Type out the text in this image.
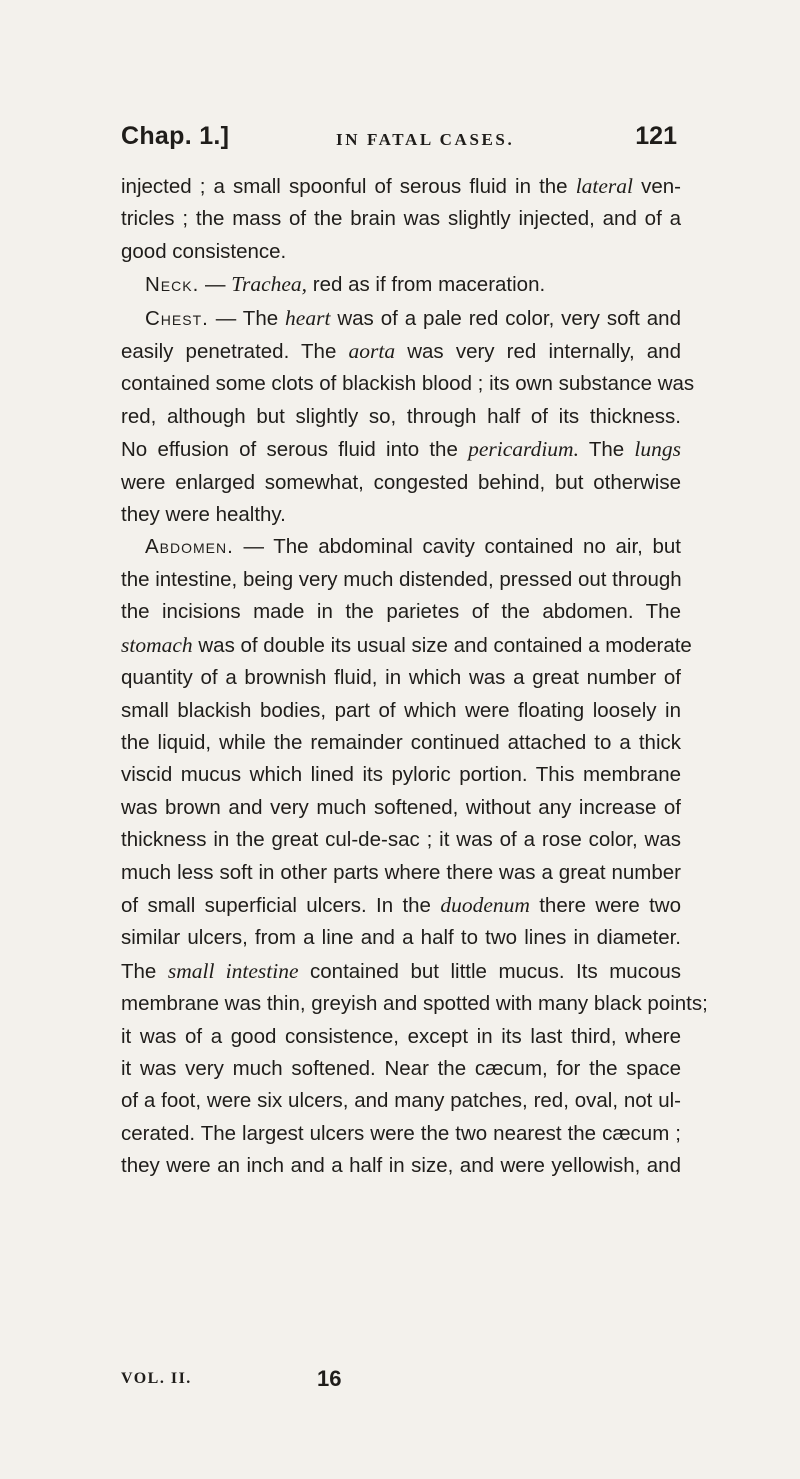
Chap. 1.]	IN FATAL CASES.	121
injected ; a small spoonful of serous fluid in the lateral ven-
tricles ; the mass of the brain was slightly injected, and of a
good consistence.
Neck. — Trachea, red as if from maceration.
Chest. — The heart was of a pale red color, very soft and
easily penetrated. The aorta was very red internally, and
contained some clots of blackish blood ; its own substance was
red, although but slightly so, through half of its thickness.
No effusion of serous fluid into the pericardium. The lungs
were enlarged somewhat, congested behind, but otherwise
they were healthy.
Abdomen. — The abdominal cavity contained no air, but
the intestine, being very much distended, pressed out through
the incisions made in the parietes of the abdomen. The
stomach was of double its usual size and contained a moderate
quantity of a brownish fluid, in which was a great number of
small blackish bodies, part of which were floating loosely in
the liquid, while the remainder continued attached to a thick
viscid mucus which lined its pyloric portion. This membrane
was brown and very much softened, without any increase of
thickness in the great cul-de-sac ; it was of a rose color, was
much less soft in other parts where there was a great number
of small superficial ulcers. In the duodenum there were two
similar ulcers, from a line and a half to two lines in diameter.
The small intestine contained but little mucus. Its mucous
membrane was thin, greyish and spotted with many black points;
it was of a good consistence, except in its last third, where
it was very much softened. Near the cæcum, for the space
of a foot, were six ulcers, and many patches, red, oval, not ul-
cerated. The largest ulcers were the two nearest the cæcum ;
they were an inch and a half in size, and were yellowish, and
VOL. II.	16
